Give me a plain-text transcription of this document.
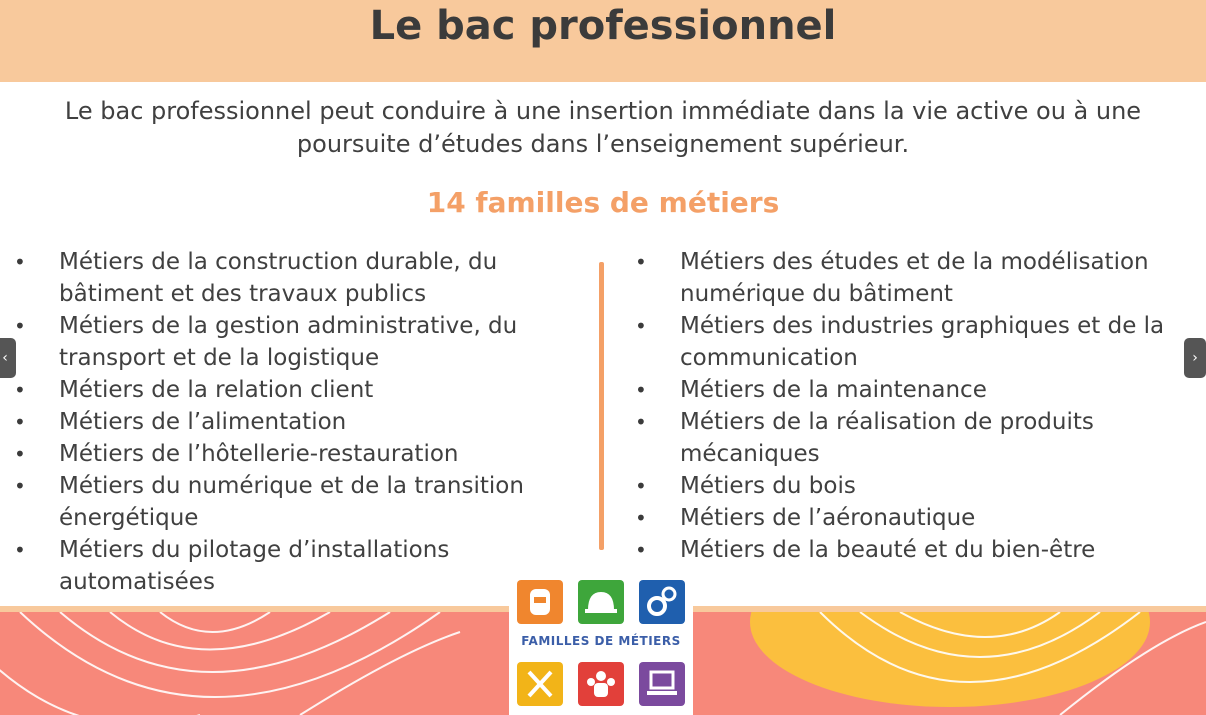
Le bac professionnel
Le bac professionnel peut conduire à une insertion immédiate dans la vie active ou à une poursuite d’études dans l’enseignement supérieur.
14 familles de métiers
•	Métiers de la construction durable, du bâtiment et des travaux publics
•	Métiers de la gestion administrative, du transport et de la logistique
•	Métiers de la relation client
•	Métiers de l’alimentation
•	Métiers de l’hôtellerie-restauration
•	Métiers du numérique et de la transition énergétique
•	Métiers du pilotage d’installations automatisées
•	Métiers des études et de la modélisation numérique du bâtiment
•	Métiers des industries graphiques et de la communication
•	Métiers de la maintenance
•	Métiers de la réalisation de produits mécaniques
•	Métiers du bois
•	Métiers de l’aéronautique
•	Métiers de la beauté et du bien-être
FAMILLES DE MÉTIERS
‹	›
